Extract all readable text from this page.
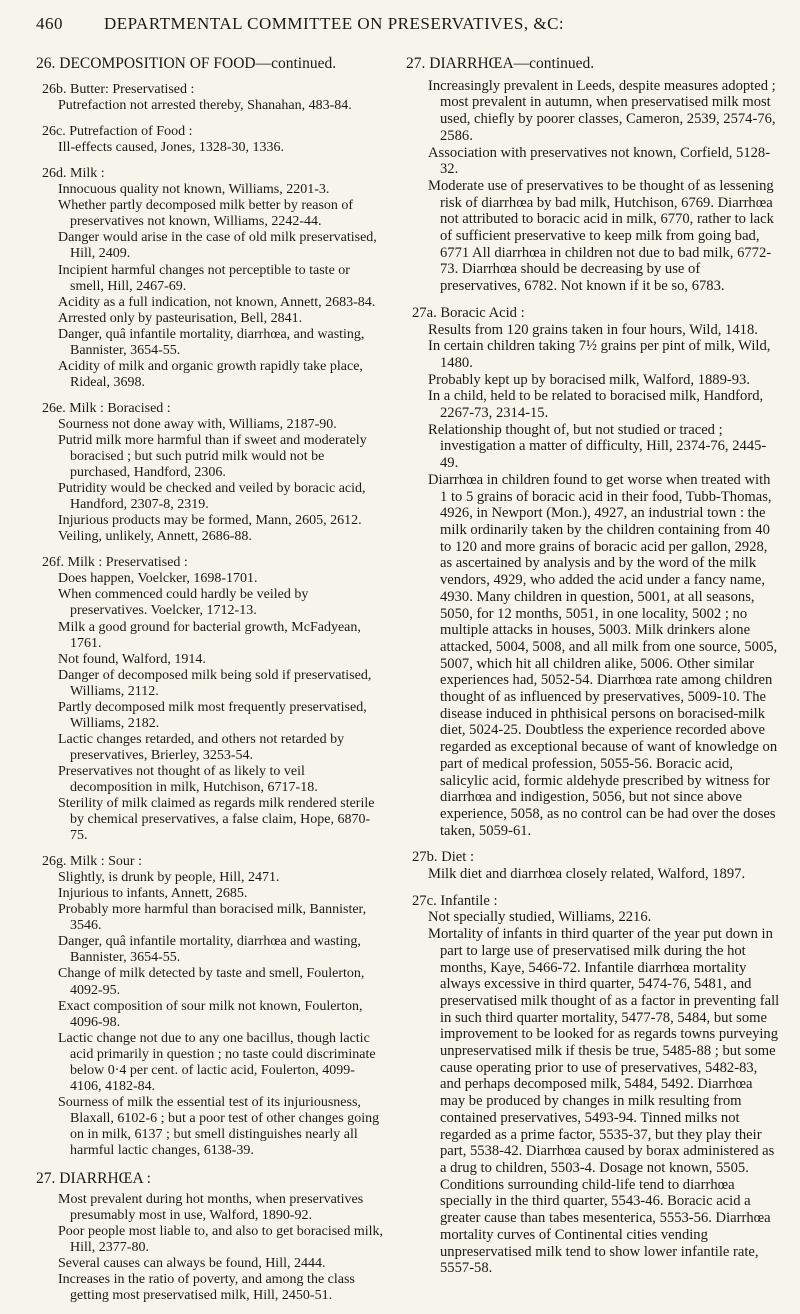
460 DEPARTMENTAL COMMITTEE ON PRESERVATIVES, &C:
26. DECOMPOSITION OF FOOD—continued.
26b. Butter: Preservatised :
Putrefaction not arrested thereby, Shanahan, 483-84.
26c. Putrefaction of Food :
Ill-effects caused, Jones, 1328-30, 1336.
26d. Milk :
Innocuous quality not known, Williams, 2201-3.
Whether partly decomposed milk better by reason of preservatives not known, Williams, 2242-44.
Danger would arise in the case of old milk preservatised, Hill, 2409.
Incipient harmful changes not perceptible to taste or smell, Hill, 2467-69.
Acidity as a full indication, not known, Annett, 2683-84.
Arrested only by pasteurisation, Bell, 2841.
Danger, quâ infantile mortality, diarrhœa, and wasting, Bannister, 3654-55.
Acidity of milk and organic growth rapidly take place, Rideal, 3698.
26e. Milk : Boracised :
Sourness not done away with, Williams, 2187-90.
Putrid milk more harmful than if sweet and moderately boracised ; but such putrid milk would not be purchased, Handford, 2306.
Putridity would be checked and veiled by boracic acid, Handford, 2307-8, 2319.
Injurious products may be formed, Mann, 2605, 2612.
Veiling, unlikely, Annett, 2686-88.
26f. Milk : Preservatised :
Does happen, Voelcker, 1698-1701.
When commenced could hardly be veiled by preservatives. Voelcker, 1712-13.
Milk a good ground for bacterial growth, McFadyean, 1761.
Not found, Walford, 1914.
Danger of decomposed milk being sold if preservatised, Williams, 2112.
Partly decomposed milk most frequently preservatised, Williams, 2182.
Lactic changes retarded, and others not retarded by preservatives, Brierley, 3253-54.
Preservatives not thought of as likely to veil decomposition in milk, Hutchison, 6717-18.
Sterility of milk claimed as regards milk rendered sterile by chemical preservatives, a false claim, Hope, 6870-75.
26g. Milk : Sour :
Slightly, is drunk by people, Hill, 2471.
Injurious to infants, Annett, 2685.
Probably more harmful than boracised milk, Bannister, 3546.
Danger, quâ infantile mortality, diarrhœa and wasting, Bannister, 3654-55.
Change of milk detected by taste and smell, Foulerton, 4092-95.
Exact composition of sour milk not known, Foulerton, 4096-98.
Lactic change not due to any one bacillus, though lactic acid primarily in question ; no taste could discriminate below 0·4 per cent. of lactic acid, Foulerton, 4099-4106, 4182-84.
Sourness of milk the essential test of its injuriousness, Blaxall, 6102-6 ; but a poor test of other changes going on in milk, 6137 ; but smell distinguishes nearly all harmful lactic changes, 6138-39.
27. DIARRHŒA :
Most prevalent during hot months, when preservatives presumably most in use, Walford, 1890-92.
Poor people most liable to, and also to get boracised milk, Hill, 2377-80.
Several causes can always be found, Hill, 2444.
Increases in the ratio of poverty, and among the class getting most preservatised milk, Hill, 2450-51.
27. DIARRHŒA—continued.
Increasingly prevalent in Leeds, despite measures adopted ; most prevalent in autumn, when preservatised milk most used, chiefly by poorer classes, Cameron, 2539, 2574-76, 2586.
Association with preservatives not known, Corfield, 5128-32.
Moderate use of preservatives to be thought of as lessening risk of diarrhœa by bad milk, Hutchison, 6769. Diarrhœa not attributed to boracic acid in milk, 6770, rather to lack of sufficient preservative to keep milk from going bad, 6771 All diarrhœa in children not due to bad milk, 6772-73. Diarrhœa should be decreasing by use of preservatives, 6782. Not known if it be so, 6783.
27a. Boracic Acid :
Results from 120 grains taken in four hours, Wild, 1418.
In certain children taking 7½ grains per pint of milk, Wild, 1480.
Probably kept up by boracised milk, Walford, 1889-93.
In a child, held to be related to boracised milk, Handford, 2267-73, 2314-15.
Relationship thought of, but not studied or traced ; investigation a matter of difficulty, Hill, 2374-76, 2445-49.
Diarrhœa in children found to get worse when treated with 1 to 5 grains of boracic acid in their food, Tubb-Thomas, 4926, in Newport (Mon.), 4927, an industrial town : the milk ordinarily taken by the children containing from 40 to 120 and more grains of boracic acid per gallon, 2928, as ascertained by analysis and by the word of the milk vendors, 4929, who added the acid under a fancy name, 4930. Many children in question, 5001, at all seasons, 5050, for 12 months, 5051, in one locality, 5002 ; no multiple attacks in houses, 5003. Milk drinkers alone attacked, 5004, 5008, and all milk from one source, 5005, 5007, which hit all children alike, 5006. Other similar experiences had, 5052-54. Diarrhœa rate among children thought of as influenced by preservatives, 5009-10. The disease induced in phthisical persons on boracised-milk diet, 5024-25. Doubtless the experience recorded above regarded as exceptional because of want of knowledge on part of medical profession, 5055-56. Boracic acid, salicylic acid, formic aldehyde prescribed by witness for diarrhœa and indigestion, 5056, but not since above experience, 5058, as no control can be had over the doses taken, 5059-61.
27b. Diet :
Milk diet and diarrhœa closely related, Walford, 1897.
27c. Infantile :
Not specially studied, Williams, 2216.
Mortality of infants in third quarter of the year put down in part to large use of preservatised milk during the hot months, Kaye, 5466-72. Infantile diarrhœa mortality always excessive in third quarter, 5474-76, 5481, and preservatised milk thought of as a factor in preventing fall in such third quarter mortality, 5477-78, 5484, but some improvement to be looked for as regards towns purveying unpreservatised milk if thesis be true, 5485-88 ; but some cause operating prior to use of preservatives, 5482-83, and perhaps decomposed milk, 5484, 5492. Diarrhœa may be produced by changes in milk resulting from contained preservatives, 5493-94. Tinned milks not regarded as a prime factor, 5535-37, but they play their part, 5538-42. Diarrhœa caused by borax administered as a drug to children, 5503-4. Dosage not known, 5505. Conditions surrounding child-life tend to diarrhœa specially in the third quarter, 5543-46. Boracic acid a greater cause than tabes mesenterica, 5553-56. Diarrhœa mortality curves of Continental cities vending unpreservatised milk tend to show lower infantile rate, 5557-58.
